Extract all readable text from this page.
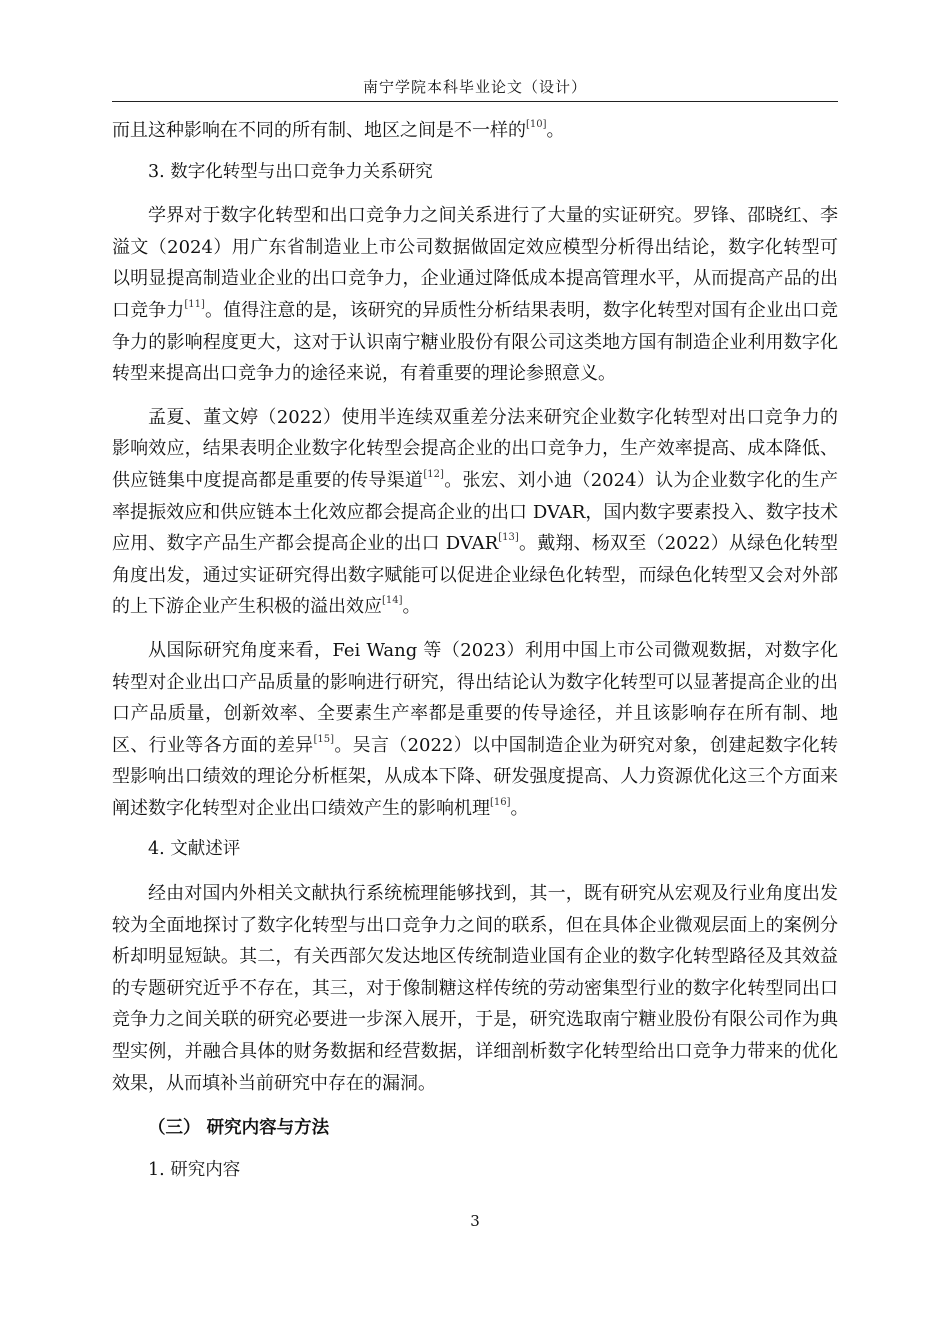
南宁学院本科毕业论文（设计）

而且这种影响在不同的所有制、地区之间是不一样的[10]。

3. 数字化转型与出口竞争力关系研究

学界对于数字化转型和出口竞争力之间关系进行了大量的实证研究。罗锋、邵晓红、李溢文（2024）用广东省制造业上市公司数据做固定效应模型分析得出结论，数字化转型可以明显提高制造业企业的出口竞争力，企业通过降低成本提高管理水平，从而提高产品的出口竞争力[11]。值得注意的是，该研究的异质性分析结果表明，数字化转型对国有企业出口竞争力的影响程度更大，这对于认识南宁糖业股份有限公司这类地方国有制造企业利用数字化转型来提高出口竞争力的途径来说，有着重要的理论参照意义。

孟夏、董文婷（2022）使用半连续双重差分法来研究企业数字化转型对出口竞争力的影响效应，结果表明企业数字化转型会提高企业的出口竞争力，生产效率提高、成本降低、供应链集中度提高都是重要的传导渠道[12]。张宏、刘小迪（2024）认为企业数字化的生产率提振效应和供应链本土化效应都会提高企业的出口 DVAR，国内数字要素投入、数字技术应用、数字产品生产都会提高企业的出口 DVAR[13]。戴翔、杨双至（2022）从绿色化转型角度出发，通过实证研究得出数字赋能可以促进企业绿色化转型，而绿色化转型又会对外部的上下游企业产生积极的溢出效应[14]。

从国际研究角度来看，Fei Wang 等（2023）利用中国上市公司微观数据，对数字化转型对企业出口产品质量的影响进行研究，得出结论认为数字化转型可以显著提高企业的出口产品质量，创新效率、全要素生产率都是重要的传导途径，并且该影响存在所有制、地区、行业等各方面的差异[15]。吴言（2022）以中国制造企业为研究对象，创建起数字化转型影响出口绩效的理论分析框架，从成本下降、研发强度提高、人力资源优化这三个方面来阐述数字化转型对企业出口绩效产生的影响机理[16]。

4. 文献述评

经由对国内外相关文献执行系统梳理能够找到，其一，既有研究从宏观及行业角度出发较为全面地探讨了数字化转型与出口竞争力之间的联系，但在具体企业微观层面上的案例分析却明显短缺。其二，有关西部欠发达地区传统制造业国有企业的数字化转型路径及其效益的专题研究近乎不存在，其三，对于像制糖这样传统的劳动密集型行业的数字化转型同出口竞争力之间关联的研究必要进一步深入展开，于是，研究选取南宁糖业股份有限公司作为典型实例，并融合具体的财务数据和经营数据，详细剖析数字化转型给出口竞争力带来的优化效果，从而填补当前研究中存在的漏洞。

（三） 研究内容与方法

1. 研究内容

3
